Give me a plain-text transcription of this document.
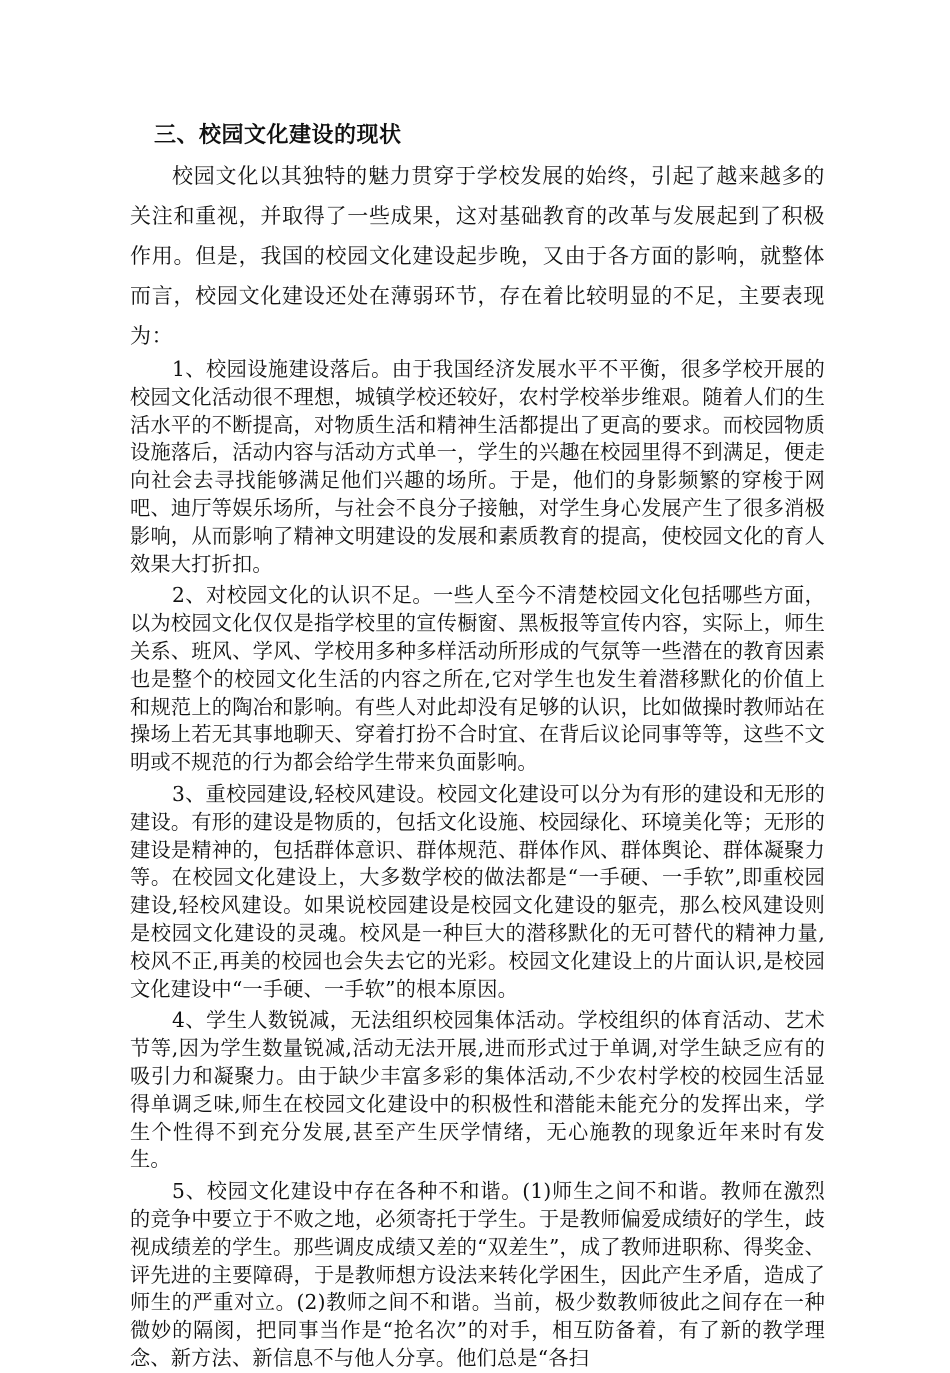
三、校园文化建设的现状

校园文化以其独特的魅力贯穿于学校发展的始终，引起了越来越多的关注和重视，并取得了一些成果，这对基础教育的改革与发展起到了积极作用。但是，我国的校园文化建设起步晚，又由于各方面的影响，就整体而言，校园文化建设还处在薄弱环节，存在着比较明显的不足，主要表现为：

1、校园设施建设落后。由于我国经济发展水平不平衡，很多学校开展的校园文化活动很不理想，城镇学校还较好，农村学校举步维艰。随着人们的生活水平的不断提高，对物质生活和精神生活都提出了更高的要求。而校园物质设施落后，活动内容与活动方式单一，学生的兴趣在校园里得不到满足，便走向社会去寻找能够满足他们兴趣的场所。于是，他们的身影频繁的穿梭于网吧、迪厅等娱乐场所，与社会不良分子接触，对学生身心发展产生了很多消极影响，从而影响了精神文明建设的发展和素质教育的提高，使校园文化的育人效果大打折扣。

2、对校园文化的认识不足。一些人至今不清楚校园文化包括哪些方面，以为校园文化仅仅是指学校里的宣传橱窗、黑板报等宣传内容，实际上，师生关系、班风、学风、学校用多种多样活动所形成的气氛等一些潜在的教育因素也是整个的校园文化生活的内容之所在,它对学生也发生着潜移默化的价值上和规范上的陶冶和影响。有些人对此却没有足够的认识，比如做操时教师站在操场上若无其事地聊天、穿着打扮不合时宜、在背后议论同事等等，这些不文明或不规范的行为都会给学生带来负面影响。

3、重校园建设,轻校风建设。校园文化建设可以分为有形的建设和无形的建设。有形的建设是物质的，包括文化设施、校园绿化、环境美化等；无形的建设是精神的，包括群体意识、群体规范、群体作风、群体舆论、群体凝聚力等。在校园文化建设上，大多数学校的做法都是“一手硬、一手软”,即重校园建设,轻校风建设。如果说校园建设是校园文化建设的躯壳，那么校风建设则是校园文化建设的灵魂。校风是一种巨大的潜移默化的无可替代的精神力量,校风不正,再美的校园也会失去它的光彩。校园文化建设上的片面认识,是校园文化建设中“一手硬、一手软”的根本原因。

4、学生人数锐减，无法组织校园集体活动。学校组织的体育活动、艺术节等,因为学生数量锐减,活动无法开展,进而形式过于单调,对学生缺乏应有的吸引力和凝聚力。由于缺少丰富多彩的集体活动,不少农村学校的校园生活显得单调乏味,师生在校园文化建设中的积极性和潜能未能充分的发挥出来，学生个性得不到充分发展,甚至产生厌学情绪，无心施教的现象近年来时有发生。

5、校园文化建设中存在各种不和谐。(1)师生之间不和谐。教师在激烈的竞争中要立于不败之地，必须寄托于学生。于是教师偏爱成绩好的学生，歧视成绩差的学生。那些调皮成绩又差的“双差生”，成了教师进职称、得奖金、评先进的主要障碍，于是教师想方设法来转化学困生，因此产生矛盾，造成了师生的严重对立。(2)教师之间不和谐。当前，极少数教师彼此之间存在一种微妙的隔阂，把同事当作是“抢名次”的对手，相互防备着，有了新的教学理念、新方法、新信息不与他人分享。他们总是“各扫
